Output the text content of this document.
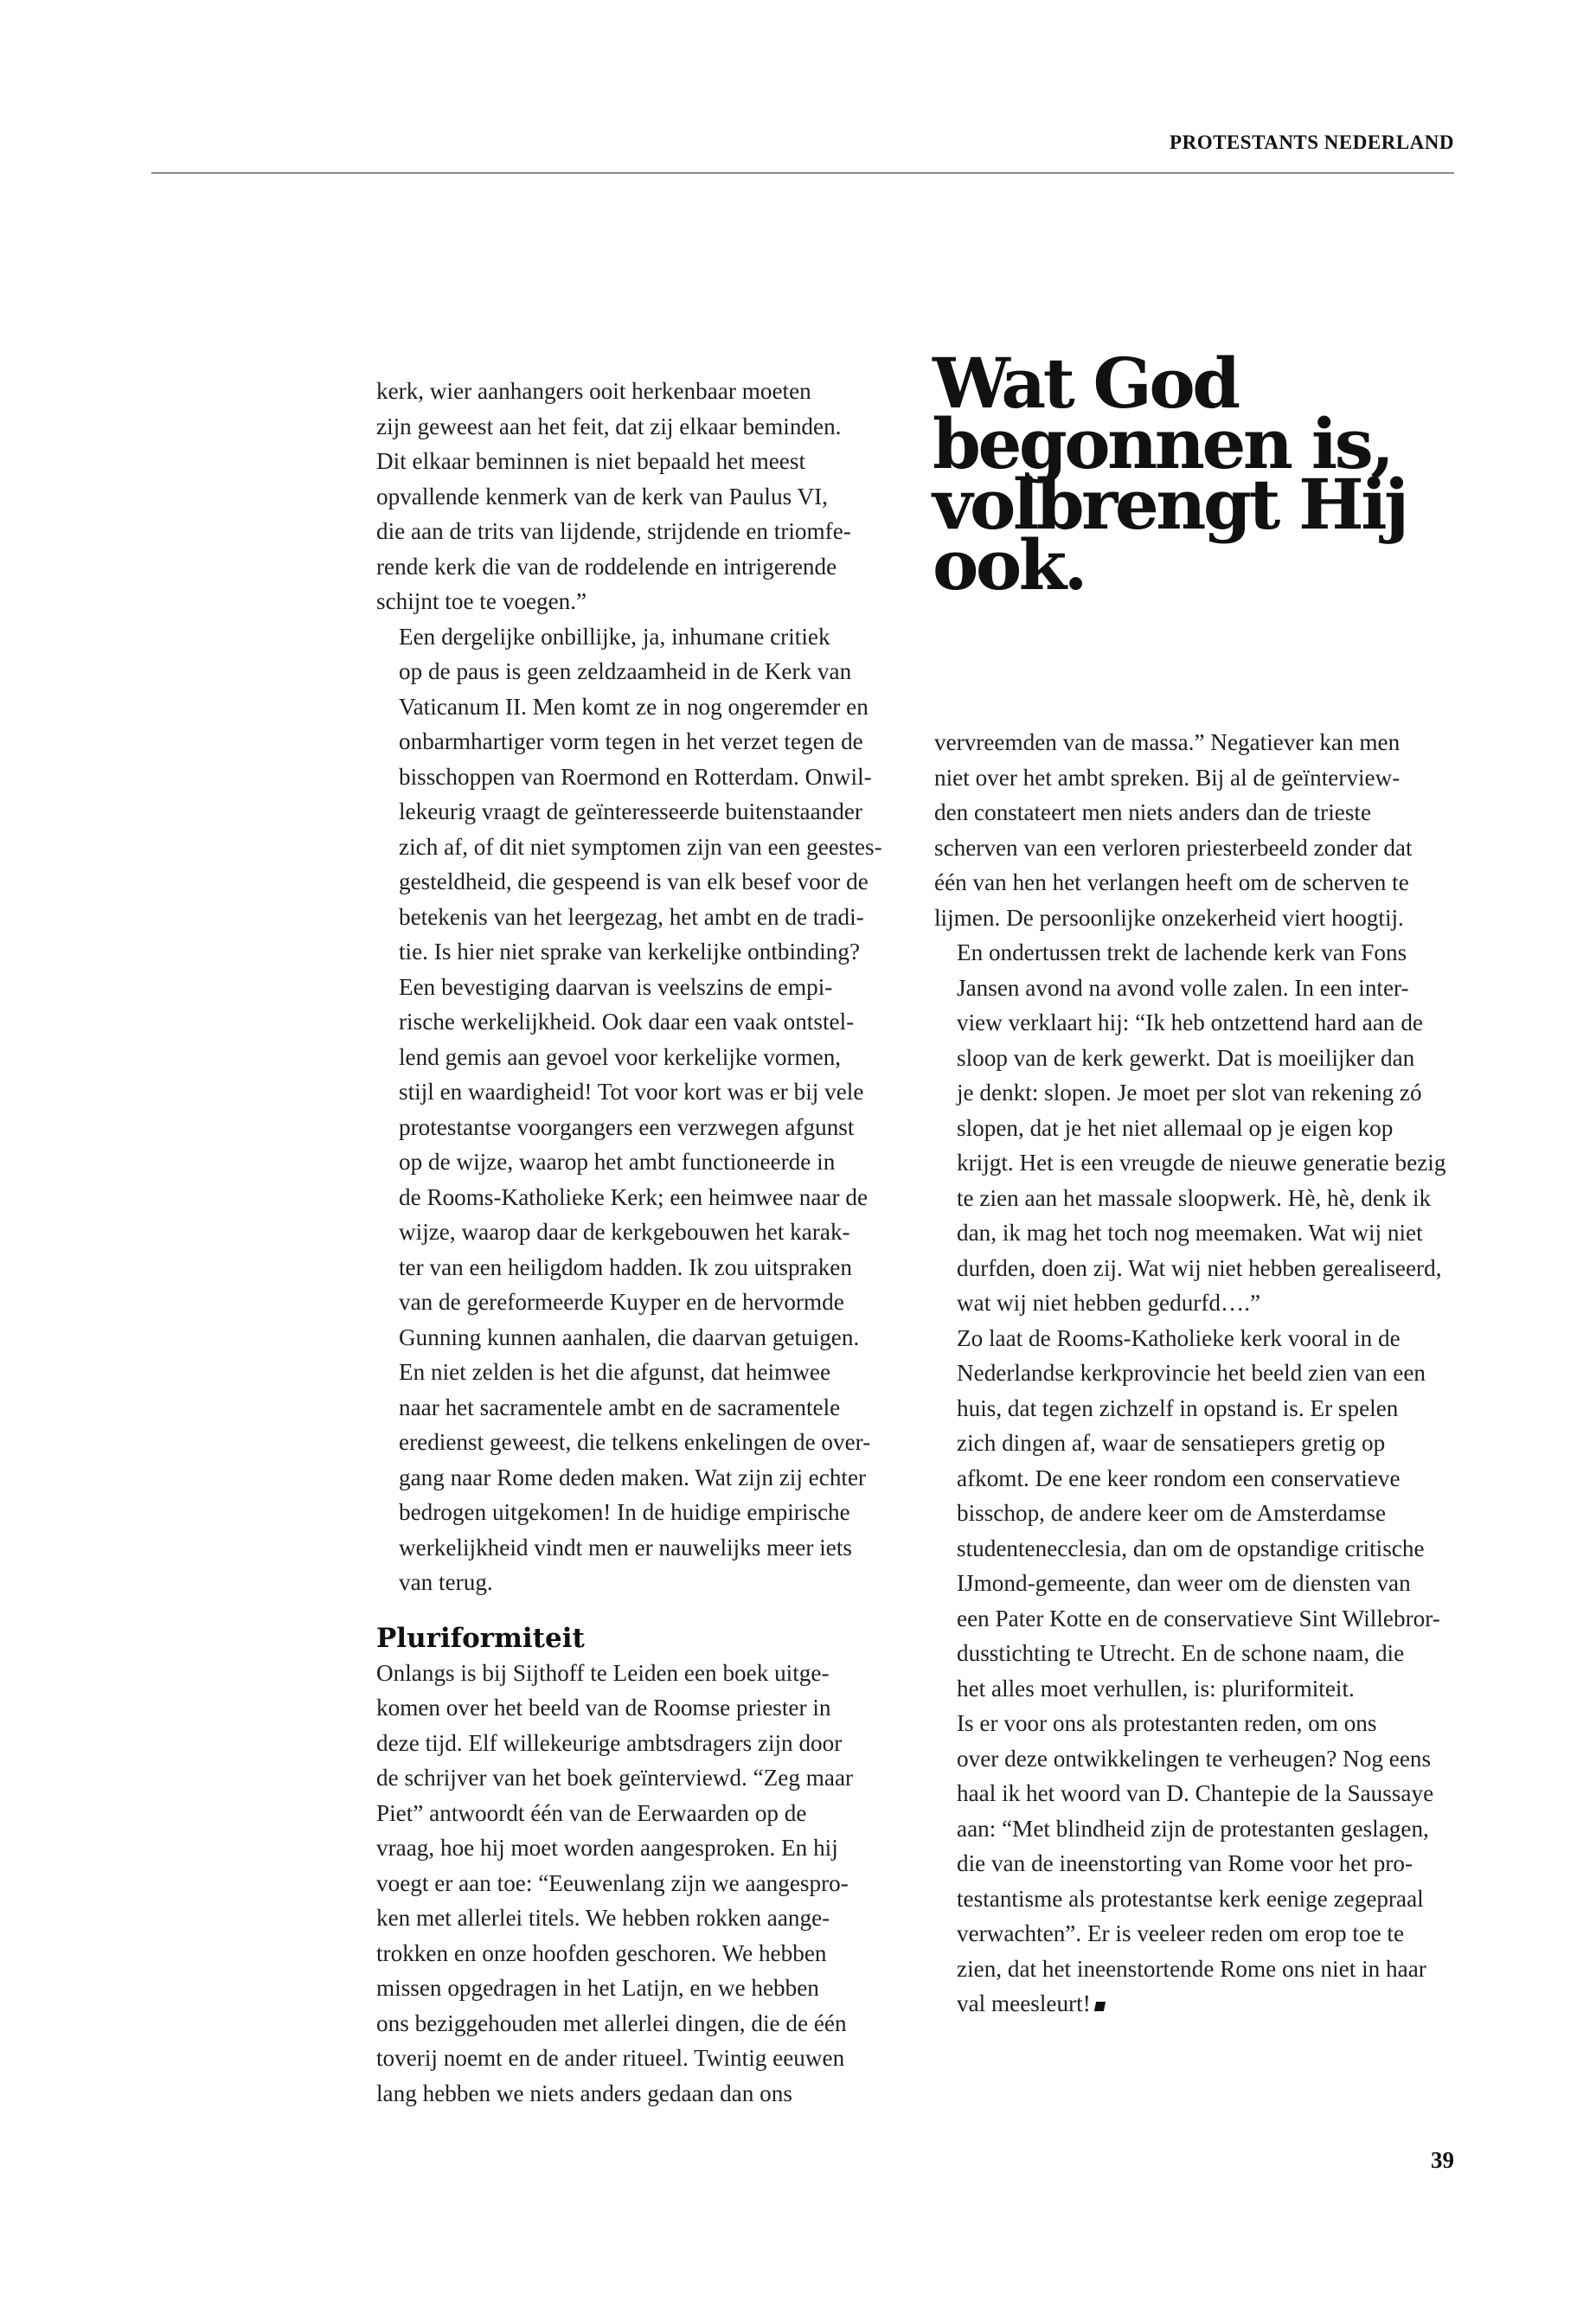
PROTESTANTS NEDERLAND

kerk, wier aanhangers ooit herkenbaar moeten
zijn geweest aan het feit, dat zij elkaar beminden.
Dit elkaar beminnen is niet bepaald het meest
opvallende kenmerk van de kerk van Paulus VI,
die aan de trits van lijdende, strijdende en triomfe-
rende kerk die van de roddelende en intrigerende
schijnt toe te voegen.”

Een dergelijke onbillijke, ja, inhumane critiek
op de paus is geen zeldzaamheid in de Kerk van
Vaticanum II. Men komt ze in nog ongeremder en
onbarmhartiger vorm tegen in het verzet tegen de
bisschoppen van Roermond en Rotterdam. Onwil-
lekeurig vraagt de geïnteresseerde buitenstaander
zich af, of dit niet symptomen zijn van een geestes-
gesteldheid, die gespeend is van elk besef voor de
betekenis van het leergezag, het ambt en de tradi-
tie. Is hier niet sprake van kerkelijke ontbinding?

Een bevestiging daarvan is veelszins de empi-
rische werkelijkheid. Ook daar een vaak ontstel-
lend gemis aan gevoel voor kerkelijke vormen,
stijl en waardigheid! Tot voor kort was er bij vele
protestantse voorgangers een verzwegen afgunst
op de wijze, waarop het ambt functioneerde in
de Rooms-Katholieke Kerk; een heimwee naar de
wijze, waarop daar de kerkgebouwen het karak-
ter van een heiligdom hadden. Ik zou uitspraken
van de gereformeerde Kuyper en de hervormde
Gunning kunnen aanhalen, die daarvan getuigen.
En niet zelden is het die afgunst, dat heimwee
naar het sacramentele ambt en de sacramentele
eredienst geweest, die telkens enkelingen de over-
gang naar Rome deden maken. Wat zijn zij echter
bedrogen uitgekomen! In de huidige empirische
werkelijkheid vindt men er nauwelijks meer iets
van terug.

Pluriformiteit

Onlangs is bij Sijthoff te Leiden een boek uitge-
komen over het beeld van de Roomse priester in
deze tijd. Elf willekeurige ambtsdragers zijn door
de schrijver van het boek geïnterviewd. “Zeg maar
Piet” antwoordt één van de Eerwaarden op de
vraag, hoe hij moet worden aangesproken. En hij
voegt er aan toe: “Eeuwenlang zijn we aangespro-
ken met allerlei titels. We hebben rokken aange-
trokken en onze hoofden geschoren. We hebben
missen opgedragen in het Latijn, en we hebben
ons beziggehouden met allerlei dingen, die de één
toverij noemt en de ander ritueel. Twintig eeuwen
lang hebben we niets anders gedaan dan ons

Wat God
begonnen is,
volbrengt Hij
ook.

vervreemden van de massa.” Negatiever kan men
niet over het ambt spreken. Bij al de geïnterview-
den constateert men niets anders dan de trieste
scherven van een verloren priesterbeeld zonder dat
één van hen het verlangen heeft om de scherven te
lijmen. De persoonlijke onzekerheid viert hoogtij.

En ondertussen trekt de lachende kerk van Fons
Jansen avond na avond volle zalen. In een inter-
view verklaart hij: “Ik heb ontzettend hard aan de
sloop van de kerk gewerkt. Dat is moeilijker dan
je denkt: slopen. Je moet per slot van rekening zó
slopen, dat je het niet allemaal op je eigen kop
krijgt. Het is een vreugde de nieuwe generatie bezig
te zien aan het massale sloopwerk. Hè, hè, denk ik
dan, ik mag het toch nog meemaken. Wat wij niet
durfden, doen zij. Wat wij niet hebben gerealiseerd,
wat wij niet hebben gedurfd….”

Zo laat de Rooms-Katholieke kerk vooral in de
Nederlandse kerkprovincie het beeld zien van een
huis, dat tegen zichzelf in opstand is. Er spelen
zich dingen af, waar de sensatiepers gretig op
afkomt. De ene keer rondom een conservatieve
bisschop, de andere keer om de Amsterdamse
studentenecclesia, dan om de opstandige critische
IJmond-gemeente, dan weer om de diensten van
een Pater Kotte en de conservatieve Sint Willebror-
dusstichting te Utrecht. En de schone naam, die
het alles moet verhullen, is: pluriformiteit.

Is er voor ons als protestanten reden, om ons
over deze ontwikkelingen te verheugen? Nog eens
haal ik het woord van D. Chantepie de la Saussaye
aan: “Met blindheid zijn de protestanten geslagen,
die van de ineenstorting van Rome voor het pro-
testantisme als protestantse kerk eenige zegepraal
verwachten”. Er is veeleer reden om erop toe te
zien, dat het ineenstortende Rome ons niet in haar
val meesleurt!

39
